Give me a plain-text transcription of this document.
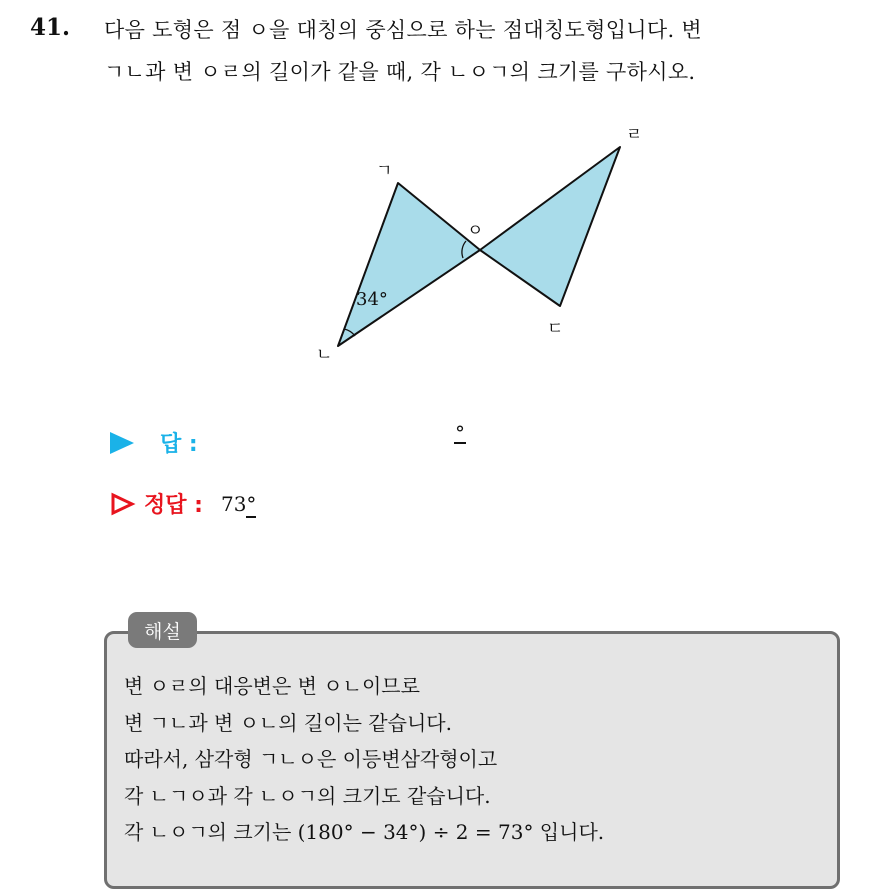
41. 다음 도형은 점 ㅇ을 대칭의 중심으로 하는 점대칭도형입니다. 변
ㄱㄴ과 변 ㅇㄹ의 길이가 같을 때, 각 ㄴㅇㄱ의 크기를 구하시오.
ㄱ
ㄴ
ㅇ
ㄷ
ㄹ
34°
답 :	°
정답 : 73°
해설
변 ㅇㄹ의 대응변은 변 ㅇㄴ이므로
변 ㄱㄴ과 변 ㅇㄴ의 길이는 같습니다.
따라서, 삼각형 ㄱㄴㅇ은 이등변삼각형이고
각 ㄴㄱㅇ과 각 ㄴㅇㄱ의 크기도 같습니다.
각 ㄴㅇㄱ의 크기는 (180° − 34°) ÷ 2 = 73° 입니다.
